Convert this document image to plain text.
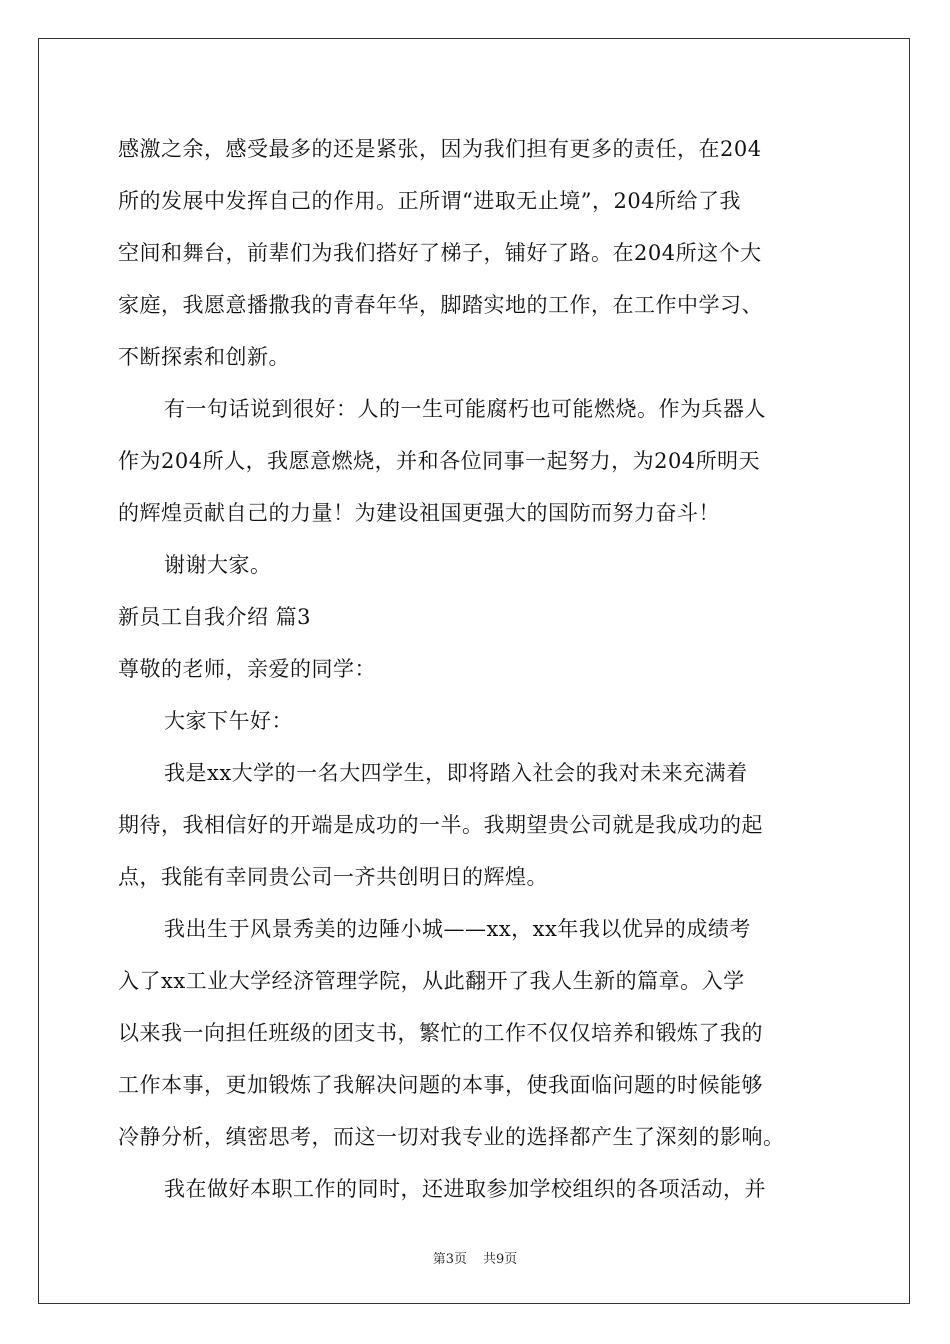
感激之余，感受最多的还是紧张，因为我们担有更多的责任，在204
所的发展中发挥自己的作用。正所谓“进取无止境”，204所给了我
空间和舞台，前辈们为我们搭好了梯子，铺好了路。在204所这个大
家庭，我愿意播撒我的青春年华，脚踏实地的工作，在工作中学习、
不断探索和创新。
有一句话说到很好：人的一生可能腐朽也可能燃烧。作为兵器人
作为204所人，我愿意燃烧，并和各位同事一起努力，为204所明天
的辉煌贡献自己的力量！为建设祖国更强大的国防而努力奋斗！
谢谢大家。
新员工自我介绍 篇3
尊敬的老师，亲爱的同学：
大家下午好：
我是xx大学的一名大四学生，即将踏入社会的我对未来充满着
期待，我相信好的开端是成功的一半。我期望贵公司就是我成功的起
点，我能有幸同贵公司一齐共创明日的辉煌。
我出生于风景秀美的边陲小城——xx，xx年我以优异的成绩考
入了xx工业大学经济管理学院，从此翻开了我人生新的篇章。入学
以来我一向担任班级的团支书，繁忙的工作不仅仅培养和锻炼了我的
工作本事，更加锻炼了我解决问题的本事，使我面临问题的时候能够
冷静分析，缜密思考，而这一切对我专业的选择都产生了深刻的影响。
我在做好本职工作的同时，还进取参加学校组织的各项活动，并
第3页 共9页
